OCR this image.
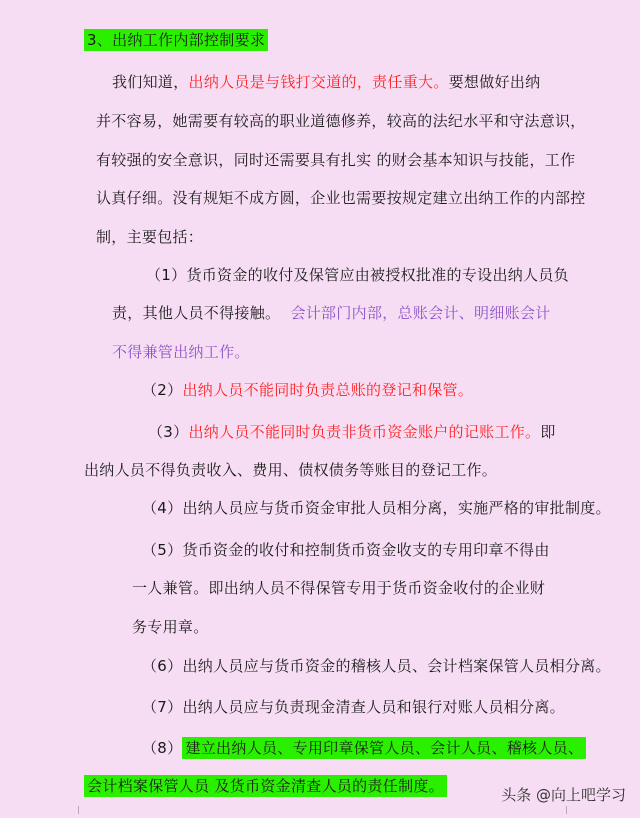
3、出纳工作内部控制要求
我们知道，出纳人员是与钱打交道的，责任重大。要想做好出纳
并不容易，她需要有较高的职业道德修养，较高的法纪水平和守法意识，
有较强的安全意识，同时还需要具有扎实 的财会基本知识与技能，工作
认真仔细。没有规矩不成方圆，企业也需要按规定建立出纳工作的内部控
制，主要包括：
（1）货币资金的收付及保管应由被授权批准的专设出纳人员负
责，其他人员不得接触。 会计部门内部，总账会计、明细账会计
不得兼管出纳工作。
（2）出纳人员不能同时负责总账的登记和保管。
（3）出纳人员不能同时负责非货币资金账户的记账工作。即
出纳人员不得负责收入、费用、债权债务等账目的登记工作。
（4）出纳人员应与货币资金审批人员相分离，实施严格的审批制度。
（5）货币资金的收付和控制货币资金收支的专用印章不得由
一人兼管。即出纳人员不得保管专用于货币资金收付的企业财
务专用章。
（6）出纳人员应与货币资金的稽核人员、会计档案保管人员相分离。
（7）出纳人员应与负责现金清查人员和银行对账人员相分离。
（8） 建立出纳人员、专用印章保管人员、会计人员、稽核人员、
会计档案保管人员 及货币资金清查人员的责任制度。	头条 @向上吧学习
